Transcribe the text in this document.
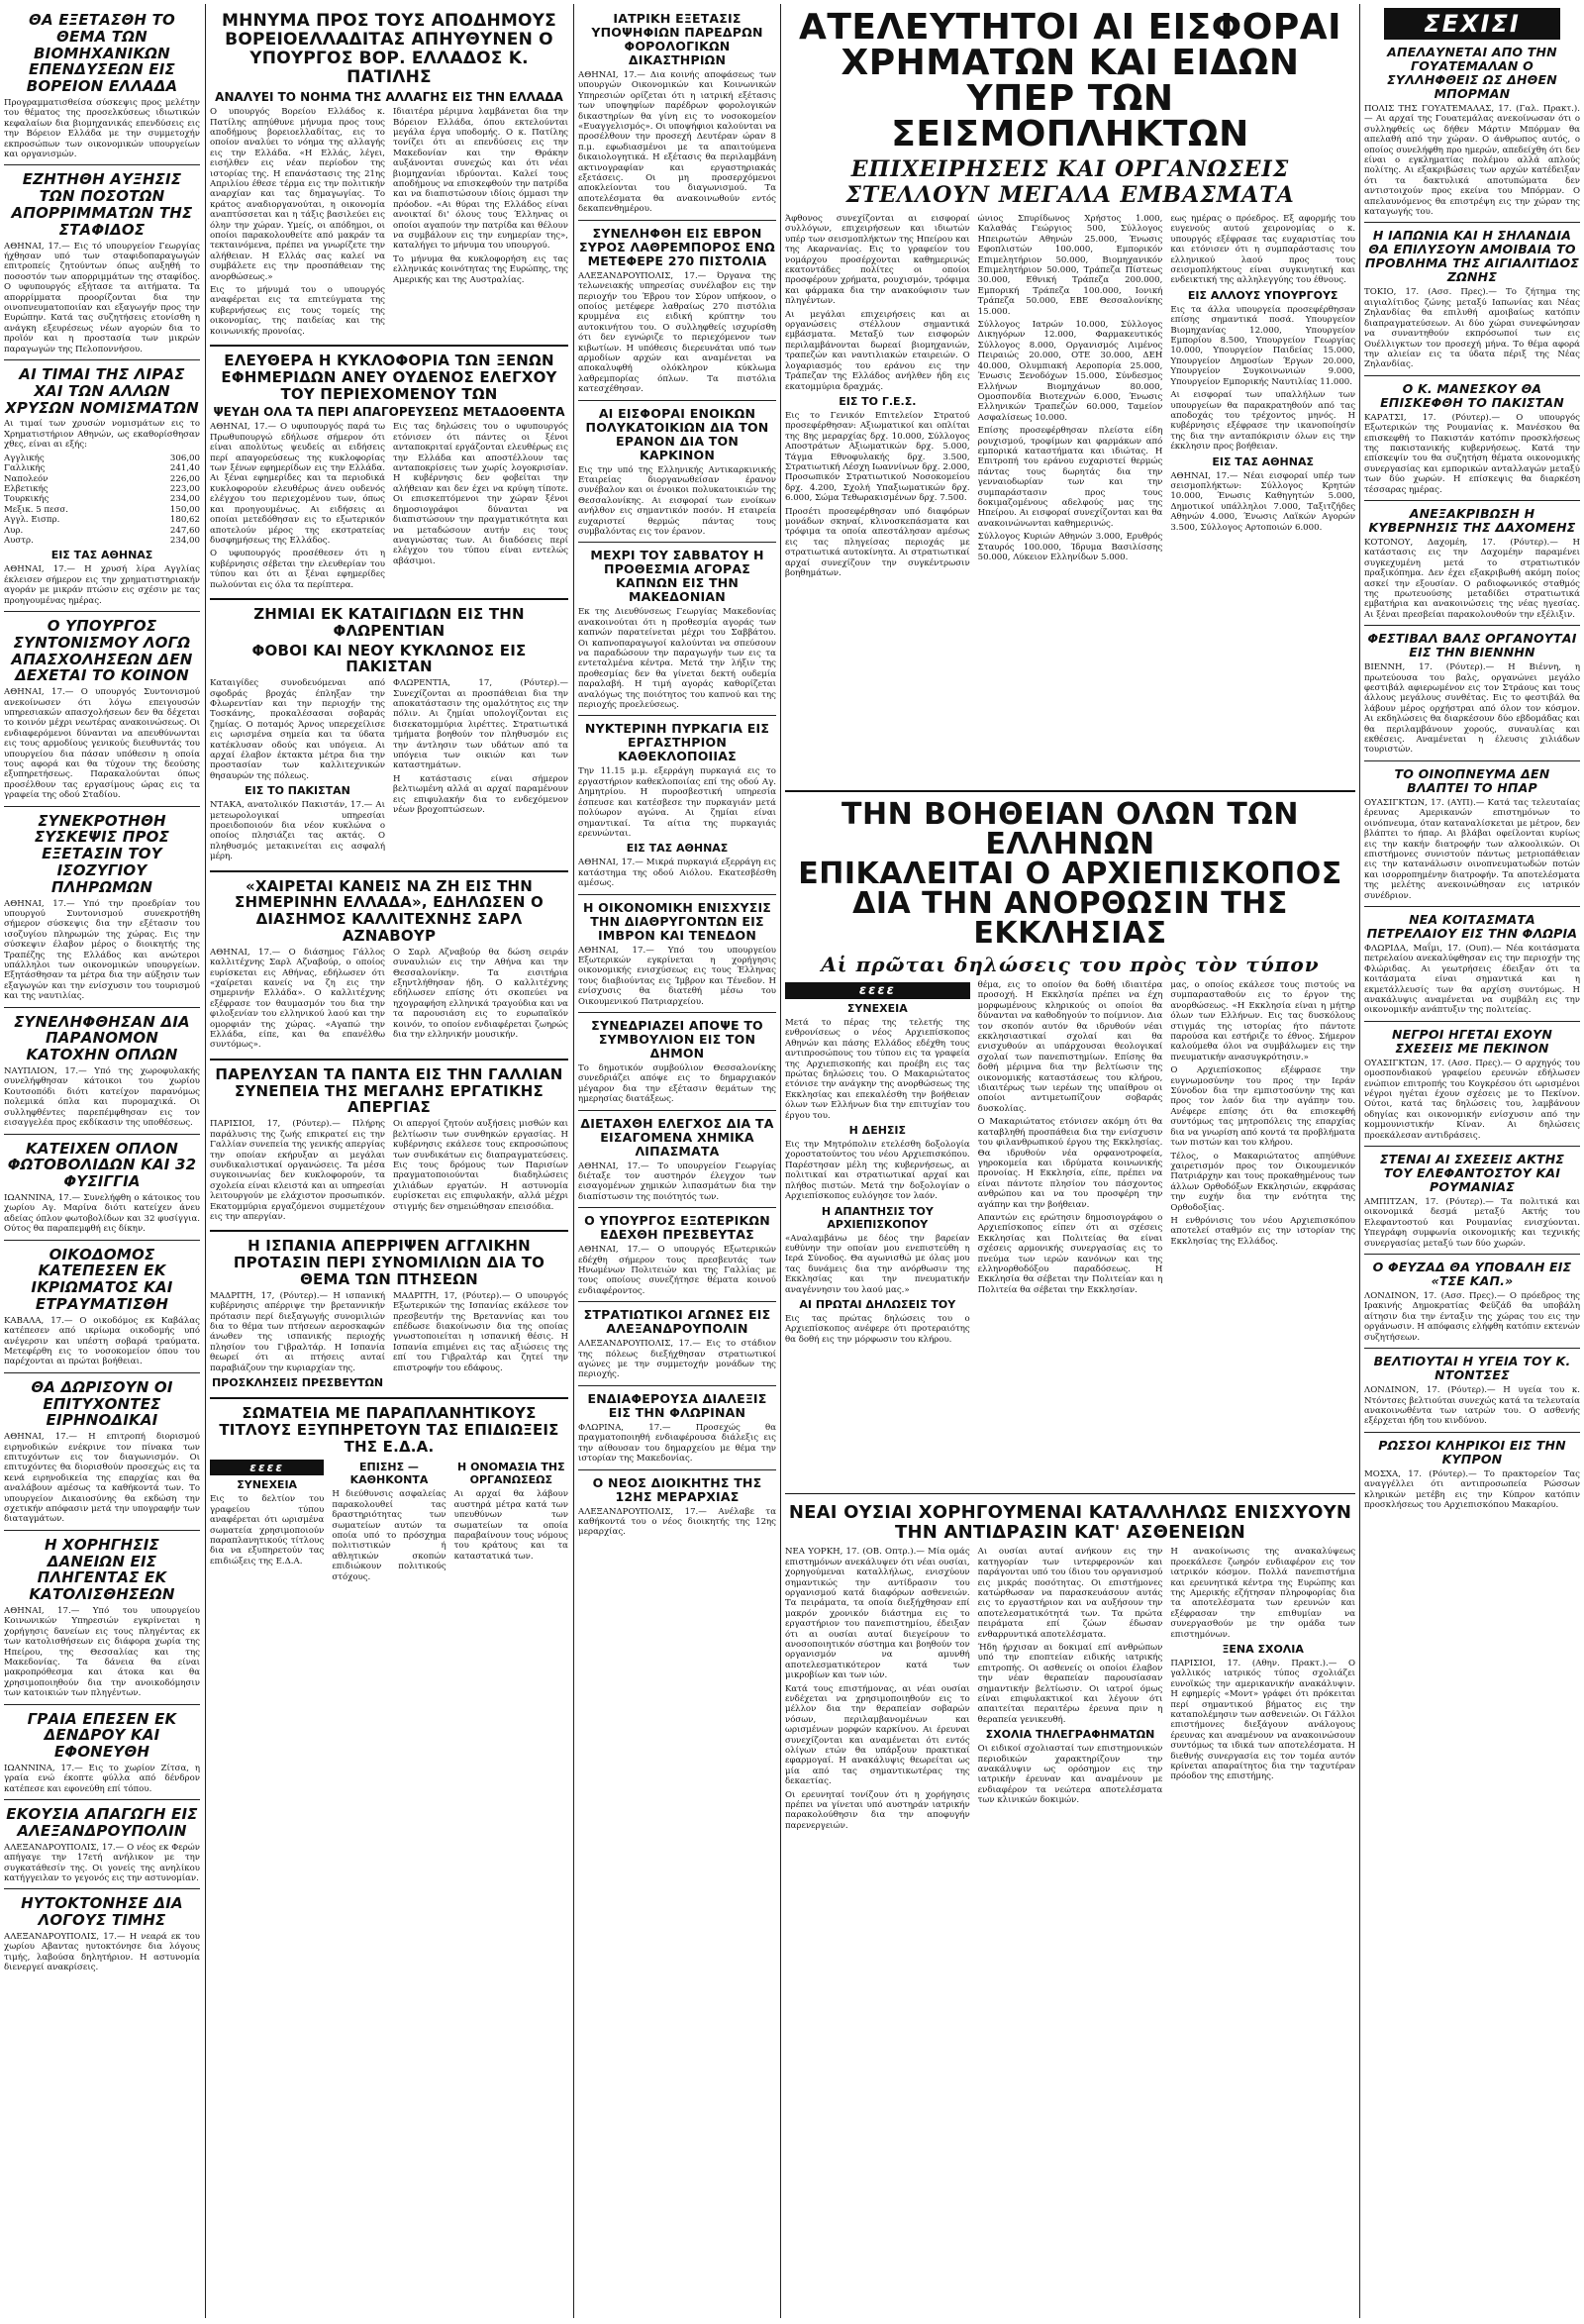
ΘΑ ΕΞΕΤΑΣΘΗ ΤΟ ΘΕΜΑ ΤΩΝ ΒΙΟΜΗΧΑΝΙΚΩΝ ΕΠΕΝΔΥΣΕΩΝ ΕΙΣ ΒΟΡΕΙΟΝ ΕΛΛΑΔΑ

Προγραμματισθείσα σύσκεψις προς μελέτην του θέματος της προσελκύσεως ιδιωτικών κεφαλαίων δια βιομηχανικάς επενδύσεις εις την Βόρειον Ελλάδα με την συμμετοχήν εκπροσώπων των οικονομικών υπουργείων και οργανισμών.

ΕΖΗΤΗΘΗ ΑΥΞΗΣΙΣ ΤΩΝ ΠΟΣΟΤΩΝ ΑΠΟΡΡΙΜΜΑΤΩΝ ΤΗΣ ΣΤΑΦΙΔΟΣ

ΑΘΗΝΑΙ, 17.— Εις τό υπουργείον Γεωργίας ήχθησαν υπό των σταφιδοπαραγωγών επιτροπείς ζητούντων όπως αυξηθή το ποσοστόν των απορριμμάτων της σταφίδος. Ο υφυπουργός εξήτασε τα αιτήματα. Τα απορρίμματα προορίζονται δια την οινοπνευματοποιίαν και εξαγωγήν προς την Ευρώπην. Κατά τας συζητήσεις ετονίσθη η ανάγκη εξευρέσεως νέων αγορών δια το προϊόν και η προστασία των μικρών παραγωγών της Πελοποννήσου.

ΑΙ ΤΙΜΑΙ ΤΗΣ ΛΙΡΑΣ ΧΑΙ ΤΩΝ ΑΛΛΩΝ ΧΡΥΣΩΝ ΝΟΜΙΣΜΑΤΩΝ

Αι τιμαί των χρυσών νομισμάτων εις το Χρηματιστήριον Αθηνών, ως εκαθορίσθησαν χθες, είναι αι εξής:

Αγγλικής	306,00
Γαλλικής	241,40
Ναπολεόν	226,00
Ελβετικής	223,00
Τουρκικής	234,00
Μεξικ. 5 πεσσ.	150,00
Αγγλ. Εισπρ.	180,62
Λυρ.	247,60
Αυστρ.	234,00
ΕΙΣ ΤΑΣ ΑΘΗΝΑΣ

ΑΘΗΝΑΙ, 17.— Η χρυσή λίρα Αγγλίας έκλεισεν σήμερον εις την χρηματιστηριακήν αγοράν με μικράν πτώσιν εις σχέσιν με τας προηγουμένας ημέρας.

Ο ΥΠΟΥΡΓΟΣ ΣΥΝΤΟΝΙΣΜΟΥ ΛΟΓΩ ΑΠΑΣΧΟΛΗΣΕΩΝ ΔΕΝ ΔΕΧΕΤΑΙ ΤΟ ΚΟΙΝΟΝ

ΑΘΗΝΑΙ, 17.— Ο υπουργός Συντονισμού ανεκοίνωσεν ότι λόγω επειγουσών υπηρεσιακών απασχολήσεων δεν θα δέχεται το κοινόν μέχρι νεωτέρας ανακοινώσεως. Οι ενδιαφερόμενοι δύνανται να απευθύνωνται εις τους αρμοδίους γενικούς διευθυντάς του υπουργείου δια πάσαν υπόθεσιν η οποία τους αφορά και θα τύχουν της δεούσης εξυπηρετήσεως. Παρακαλούνται όπως προσέλθουν τας εργασίμους ώρας εις τα γραφεία της οδού Σταδίου.

ΣΥΝΕΚΡΟΤΗΘΗ ΣΥΣΚΕΨΙΣ ΠΡΟΣ ΕΞΕΤΑΣΙΝ ΤΟΥ ΙΣΟΖΥΓΙΟΥ ΠΛΗΡΩΜΩΝ

ΑΘΗΝΑΙ, 17.— Υπό την προεδρίαν του υπουργού Συντονισμού συνεκροτήθη σήμερον σύσκεψις δια την εξέτασιν του ισοζυγίου πληρωμών της χώρας. Εις την σύσκεψιν έλαβον μέρος ο διοικητής της Τραπέζης της Ελλάδος και ανώτεροι υπάλληλοι των οικονομικών υπουργείων. Εξητάσθησαν τα μέτρα δια την αύξησιν των εξαγωγών και την ενίσχυσιν του τουρισμού και της ναυτιλίας.

ΣΥΝΕΛΗΦΘΗΣΑΝ ΔΙΑ ΠΑΡΑΝΟΜΟΝ ΚΑΤΟΧΗΝ ΟΠΛΩΝ

ΝΑΥΠΛΙΟΝ, 17.— Υπό της χωροφυλακής συνελήφθησαν κάτοικοι του χωρίου Κουτσοπόδι διότι κατείχον παρανόμως πολεμικά όπλα και πυρομαχικά. Οι συλληφθέντες παρεπέμφθησαν εις τον εισαγγελέα προς εκδίκασιν της υποθέσεως.

ΚΑΤΕΙΧΕΝ ΟΠΛΟΝ ΦΩΤΟΒΟΛΙΔΩΝ ΚΑΙ 32 ΦΥΣΙΓΓΙΑ

ΙΩΑΝΝΙΝΑ, 17.— Συνελήφθη ο κάτοικος του χωρίου Αγ. Μαρίνα διότι κατείχεν άνευ αδείας όπλον φωτοβολίδων και 32 φυσίγγια. Ούτος θα παραπεμφθή εις δίκην.

ΟΙΚΟΔΟΜΟΣ ΚΑΤΕΠΕΣΕΝ ΕΚ ΙΚΡΙΩΜΑΤΟΣ ΚΑΙ ΕΤΡΑΥΜΑΤΙΣΘΗ

ΚΑΒΑΛΑ, 17.— Ο οικοδόμος εκ Καβάλας κατέπεσεν από ικρίωμα οικοδομής υπό ανέγερσιν και υπέστη σοβαρά τραύματα. Μετεφέρθη εις το νοσοκομείον όπου του παρέχονται αι πρώται βοήθειαι.

ΘΑ ΔΩΡΙΣΟΥΝ ΟΙ ΕΠΙΤΥΧΟΝΤΕΣ ΕΙΡΗΝΟΔΙΚΑΙ

ΑΘΗΝΑΙ, 17.— Η επιτροπή διορισμού ειρηνοδικών ενέκρινε τον πίνακα των επιτυχόντων εις τον διαγωνισμόν. Οι επιτυχόντες θα διορισθούν προσεχώς εις τα κενά ειρηνοδικεία της επαρχίας και θα αναλάβουν αμέσως τα καθήκοντά των. Το υπουργείον Δικαιοσύνης θα εκδώση την σχετικήν απόφασιν μετά την υπογραφήν των διαταγμάτων.

Η ΧΟΡΗΓΗΣΙΣ ΔΑΝΕΙΩΝ ΕΙΣ ΠΛΗΓΕΝΤΑΣ ΕΚ ΚΑΤΟΛΙΣΘΗΣΕΩΝ

ΑΘΗΝΑΙ, 17.— Υπό του υπουργείου Κοινωνικών Υπηρεσιών εγκρίνεται η χορήγησις δανείων εις τους πληγέντας εκ των κατολισθήσεων εις διάφορα χωρία της Ηπείρου, της Θεσσαλίας και της Μακεδονίας. Τα δάνεια θα είναι μακροπρόθεσμα και άτοκα και θα χρησιμοποιηθούν δια την ανοικοδόμησιν των κατοικιών των πληγέντων.

ΓΡΑΙΑ ΕΠΕΣΕΝ ΕΚ ΔΕΝΔΡΟΥ ΚΑΙ ΕΦΟΝΕΥΘΗ

ΙΩΑΝΝΙΝΑ, 17.— Εις το χωρίον Ζίτσα, η γραία ενώ έκοπτε φύλλα από δένδρον κατέπεσε και εφονεύθη επί τόπου.

ΕΚΟΥΣΙΑ ΑΠΑΓΩΓΗ ΕΙΣ ΑΛΕΞΑΝΔΡΟΥΠΟΛΙΝ

ΑΛΕΞΑΝΔΡΟΥΠΟΛΙΣ, 17.— Ο νέος εκ Φερών απήγαγε την 17ετή ανήλικον με την συγκατάθεσίν της. Οι γονείς της ανηλίκου κατήγγειλαν το γεγονός εις την αστυνομίαν.

ΗΥΤΟΚΤΟΝΗΣΕ ΔΙΑ ΛΟΓΟΥΣ ΤΙΜΗΣ

ΑΛΕΞΑΝΔΡΟΥΠΟΛΙΣ, 17.— Η νεαρά εκ του χωρίου Αβαντας ηυτοκτόνησε δια λόγους τιμής, λαβούσα δηλητήριον. Η αστυνομία διενεργεί ανακρίσεις.

ΜΗΝΥΜΑ ΠΡΟΣ ΤΟΥΣ ΑΠΟΔΗΜΟΥΣ ΒΟΡΕΙΟΕΛΛΑΔΙΤΑΣ ΑΠΗΥΘΥΝΕΝ Ο ΥΠΟΥΡΓΟΣ ΒΟΡ. ΕΛΛΑΔΟΣ Κ. ΠΑΤΙΛΗΣ
ΑΝΑΛΥΕΙ ΤΟ ΝΟΗΜΑ ΤΗΣ ΑΛΛΑΓΗΣ ΕΙΣ ΤΗΝ ΕΛΛΑΔΑ

Ο υπουργός Βορείου Ελλάδος κ. Πατίλης απηύθυνε μήνυμα προς τους αποδήμους βορειοελλαδίτας, εις το οποίον αναλύει το νόημα της αλλαγής εις την Ελλάδα. «Η Ελλάς, λέγει, εισήλθεν εις νέαν περίοδον της ιστορίας της. Η επανάστασις της 21ης Απριλίου έθεσε τέρμα εις την πολιτικήν αναρχίαν και τας δημαγωγίας. Το κράτος αναδιοργανούται, η οικονομία αναπτύσσεται και η τάξις βασιλεύει εις όλην την χώραν. Υμείς, οι απόδημοι, οι οποίοι παρακολουθείτε από μακράν τα τεκταινόμενα, πρέπει να γνωρίζετε την αλήθειαν. Η Ελλάς σας καλεί να συμβάλετε εις την προσπάθειαν της ανορθώσεως.»

Εις το μήνυμά του ο υπουργός αναφέρεται εις τα επιτεύγματα της κυβερνήσεως εις τους τομείς της οικονομίας, της παιδείας και της κοινωνικής προνοίας.

Ιδιαιτέρα μέριμνα λαμβάνεται δια την Βόρειον Ελλάδα, όπου εκτελούνται μεγάλα έργα υποδομής. Ο κ. Πατίλης τονίζει ότι αι επενδύσεις εις την Μακεδονίαν και την Θράκην αυξάνονται συνεχώς και ότι νέαι βιομηχανίαι ιδρύονται. Καλεί τους αποδήμους να επισκεφθούν την πατρίδα και να διαπιστώσουν ιδίοις όμμασι την πρόοδον. «Αι θύραι της Ελλάδος είναι ανοικταί δι' όλους τους Έλληνας οι οποίοι αγαπούν την πατρίδα και θέλουν να συμβάλουν εις την ευημερίαν της», καταλήγει το μήνυμα του υπουργού.

Το μήνυμα θα κυκλοφορήση εις τας ελληνικάς κοινότητας της Ευρώπης, της Αμερικής και της Αυστραλίας.

ΕΛΕΥΘΕΡΑ Η ΚΥΚΛΟΦΟΡΙΑ ΤΩΝ ΞΕΝΩΝ ΕΦΗΜΕΡΙΔΩΝ ΑΝΕΥ ΟΥΔΕΝΟΣ ΕΛΕΓΧΟΥ ΤΟΥ ΠΕΡΙΕΧΟΜΕΝΟΥ ΤΩΝ
ΨΕΥΔΗ ΟΛΑ ΤΑ ΠΕΡΙ ΑΠΑΓΟΡΕΥΣΕΩΣ ΜΕΤΑΔΟΘΕΝΤΑ

ΑΘΗΝΑΙ, 17.— Ο υφυπουργός παρά τω Πρωθυπουργώ εδήλωσε σήμερον ότι είναι απολύτως ψευδείς αι ειδήσεις περί απαγορεύσεως της κυκλοφορίας των ξένων εφημερίδων εις την Ελλάδα. Αι ξέναι εφημερίδες και τα περιοδικά κυκλοφορούν ελευθέρως άνευ ουδενός ελέγχου του περιεχομένου των, όπως και προηγουμένως. Αι ειδήσεις αι οποίαι μετεδόθησαν εις το εξωτερικόν αποτελούν μέρος της εκστρατείας δυσφημήσεως της Ελλάδος.

Ο υφυπουργός προσέθεσεν ότι η κυβέρνησις σέβεται την ελευθερίαν του τύπου και ότι αι ξέναι εφημερίδες πωλούνται εις όλα τα περίπτερα.

Εις τας δηλώσεις του ο υφυπουργός ετόνισεν ότι πάντες οι ξένοι ανταποκριταί εργάζονται ελευθέρως εις την Ελλάδα και αποστέλλουν τας ανταποκρίσεις των χωρίς λογοκρισίαν. Η κυβέρνησις δεν φοβείται την αλήθειαν και δεν έχει να κρύψη τίποτε. Οι επισκεπτόμενοι την χώραν ξένοι δημοσιογράφοι δύνανται να διαπιστώσουν την πραγματικότητα και να μεταδώσουν αυτήν εις τους αναγνώστας των. Αι διαδόσεις περί ελέγχου του τύπου είναι εντελώς αβάσιμοι.

ΖΗΜΙΑΙ ΕΚ ΚΑΤΑΙΓΙΔΩΝ ΕΙΣ ΤΗΝ ΦΛΩΡΕΝΤΙΑΝ
ΦΟΒΟΙ ΚΑΙ ΝΕΟΥ ΚΥΚΛΩΝΟΣ ΕΙΣ ΠΑΚΙΣΤΑΝ

Καταιγίδες συνοδευόμεναι από σφοδράς βροχάς έπληξαν την Φλωρεντίαν και την περιοχήν της Τοσκάνης, προκαλέσασαι σοβαράς ζημίας. Ο ποταμός Άρνος υπερεχείλισε εις ωρισμένα σημεία και τα ύδατα κατέκλυσαν οδούς και υπόγεια. Αι αρχαί έλαβον έκτακτα μέτρα δια την προστασίαν των καλλιτεχνικών θησαυρών της πόλεως.

ΕΙΣ ΤΟ ΠΑΚΙΣΤΑΝ

ΝΤΑΚΑ, ανατολικόν Πακιστάν, 17.— Αι μετεωρολογικαί υπηρεσίαι προειδοποιούν δια νέον κυκλώνα ο οποίος πλησιάζει τας ακτάς. Ο πληθυσμός μετακινείται εις ασφαλή μέρη.

ΦΛΩΡΕΝΤΙΑ, 17, (Ρόυτερ).— Συνεχίζονται αι προσπάθειαι δια την αποκατάστασιν της ομαλότητος εις την πόλιν. Αι ζημίαι υπολογίζονται εις δισεκατομμύρια λιρέττες. Στρατιωτικά τμήματα βοηθούν τον πληθυσμόν εις την άντλησιν των υδάτων από τα υπόγεια των οικιών και των καταστημάτων.

Η κατάστασις είναι σήμερον βελτιωμένη αλλά αι αρχαί παραμένουν εις επιφυλακήν δια το ενδεχόμενον νέων βροχοπτώσεων.

«ΧΑΙΡΕΤΑΙ ΚΑΝΕΙΣ ΝΑ ΖΗ ΕΙΣ ΤΗΝ ΣΗΜΕΡΙΝΗΝ ΕΛΛΑΔΑ», ΕΔΗΛΩΣΕΝ Ο ΔΙΑΣΗΜΟΣ ΚΑΛΛΙΤΕΧΝΗΣ ΣΑΡΛ ΑΖΝΑΒΟΥΡ

ΑΘΗΝΑΙ, 17.— Ο διάσημος Γάλλος καλλιτέχνης Σαρλ Αζναβούρ, ο οποίος ευρίσκεται εις Αθήνας, εδήλωσεν ότι «χαίρεται κανείς να ζη εις την σημερινήν Ελλάδα». Ο καλλιτέχνης εξέφρασε τον θαυμασμόν του δια την φιλοξενίαν του ελληνικού λαού και την ομορφιάν της χώρας. «Αγαπώ την Ελλάδα, είπε, και θα επανέλθω συντόμως».

Ο Σαρλ Αζναβούρ θα δώση σειράν συναυλιών εις την Αθήνα και την Θεσσαλονίκην. Τα εισιτήρια εξηντλήθησαν ήδη. Ο καλλιτέχνης εδήλωσεν επίσης ότι σκοπεύει να ηχογραφήση ελληνικά τραγούδια και να τα παρουσιάση εις το ευρωπαϊκόν κοινόν, το οποίον ενδιαφέρεται ζωηρώς δια την ελληνικήν μουσικήν.

ΠΑΡΕΛΥΣΑΝ ΤΑ ΠΑΝΤΑ ΕΙΣ ΤΗΝ ΓΑΛΛΙΑΝ ΣΥΝΕΠΕΙΑ ΤΗΣ ΜΕΓΑΛΗΣ ΕΡΓΑΤΙΚΗΣ ΑΠΕΡΓΙΑΣ

ΠΑΡΙΣΙΟΙ, 17, (Ρόυτερ).— Πλήρης παράλυσις της ζωής επικρατεί εις την Γαλλίαν συνεπεία της γενικής απεργίας την οποίαν εκήρυξαν αι μεγάλαι συνδικαλιστικαί οργανώσεις. Τα μέσα συγκοινωνίας δεν κυκλοφορούν, τα σχολεία είναι κλειστά και αι υπηρεσίαι λειτουργούν με ελάχιστον προσωπικόν. Εκατομμύρια εργαζόμενοι συμμετέχουν εις την απεργίαν.

Οι απεργοί ζητούν αυξήσεις μισθών και βελτίωσιν των συνθηκών εργασίας. Η κυβέρνησις εκάλεσε τους εκπροσώπους των συνδικάτων εις διαπραγματεύσεις. Εις τους δρόμους των Παρισίων πραγματοποιούνται διαδηλώσεις χιλιάδων εργατών. Η αστυνομία ευρίσκεται εις επιφυλακήν, αλλά μέχρι στιγμής δεν σημειώθησαν επεισόδια.

Η ΙΣΠΑΝΙΑ ΑΠΕΡΡΙΨΕΝ ΑΓΓΛΙΚΗΝ ΠΡΟΤΑΣΙΝ ΠΕΡΙ ΣΥΝΟΜΙΛΙΩΝ ΔΙΑ ΤΟ ΘΕΜΑ ΤΩΝ ΠΤΗΣΕΩΝ

ΜΑΔΡΙΤΗ, 17, (Ρόυτερ).— Η ισπανική κυβέρνησις απέρριψε την βρεταννικήν πρότασιν περί διεξαγωγής συνομιλιών δια το θέμα των πτήσεων αεροσκαφών άνωθεν της ισπανικής περιοχής πλησίον του Γιβραλτάρ. Η Ισπανία θεωρεί ότι αι πτήσεις αυταί παραβιάζουν την κυριαρχίαν της.

ΠΡΟΣΚΛΗΣΕΙΣ ΠΡΕΣΒΕΥΤΩΝ

ΜΑΔΡΙΤΗ, 17, (Ρόυτερ).— Ο υπουργός Εξωτερικών της Ισπανίας εκάλεσε τον πρεσβευτήν της Βρεταννίας και του επέδωσε διακοίνωσιν δια της οποίας γνωστοποιείται η ισπανική θέσις. Η Ισπανία επιμένει εις τας αξιώσεις της επί του Γιβραλτάρ και ζητεί την επιστροφήν του εδάφους.

ΣΩΜΑΤΕΙΑ ΜΕ ΠΑΡΑΠΛΑΝΗΤΙΚΟΥΣ ΤΙΤΛΟΥΣ ΕΞΥΠΗΡΕΤΟΥΝ ΤΑΣ ΕΠΙΔΙΩΞΕΙΣ ΤΗΣ Ε.Δ.Α.
εεεε
ΣΥΝΕΧΕΙΑ

Εις το δελτίον του γραφείου τύπου αναφέρεται ότι ωρισμένα σωματεία χρησιμοποιούν παραπλανητικούς τίτλους δια να εξυπηρετούν τας επιδιώξεις της Ε.Δ.Α.

ΕΠΙΣΗΣ — ΚΑΘΗΚΟΝΤΑ

Η διεύθυνσις ασφαλείας παρακολουθεί τας δραστηριότητας των σωματείων αυτών τα οποία υπό το πρόσχημα πολιτιστικών ή αθλητικών σκοπών επιδιώκουν πολιτικούς στόχους.

Η ΟΝΟΜΑΣΙΑ ΤΗΣ ΟΡΓΑΝΩΣΕΩΣ

Αι αρχαί θα λάβουν αυστηρά μέτρα κατά των υπευθύνων των σωματείων τα οποία παραβαίνουν τους νόμους του κράτους και τα καταστατικά των.

ΙΑΤΡΙΚΗ ΕΞΕΤΑΣΙΣ ΥΠΟΨΗΦΙΩΝ ΠΑΡΕΔΡΩΝ ΦΟΡΟΛΟΓΙΚΩΝ ΔΙΚΑΣΤΗΡΙΩΝ

ΑΘΗΝΑΙ, 17.— Δια κοινής αποφάσεως των υπουργών Οικονομικών και Κοινωνικών Υπηρεσιών ορίζεται ότι η ιατρική εξέτασις των υποψηφίων παρέδρων φορολογικών δικαστηρίων θα γίνη εις το νοσοκομείον «Ευαγγελισμός». Οι υποψήφιοι καλούνται να προσέλθουν την προσεχή Δευτέραν ώραν 8 π.μ. εφωδιασμένοι με τα απαιτούμενα δικαιολογητικά. Η εξέτασις θα περιλαμβάνη ακτινογραφίαν και εργαστηριακάς εξετάσεις. Οι μη προσερχόμενοι αποκλείονται του διαγωνισμού. Τα αποτελέσματα θα ανακοινωθούν εντός δεκαπενθημέρου.

ΣΥΝΕΛΗΦΘΗ ΕΙΣ ΕΒΡΟΝ ΣΥΡΟΣ ΛΑΘΡΕΜΠΟΡΟΣ ΕΝΩ ΜΕΤΕΦΕΡΕ 270 ΠΙΣΤΟΛΙΑ

ΑΛΕΞΑΝΔΡΟΥΠΟΛΙΣ, 17.— Όργανα της τελωνειακής υπηρεσίας συνέλαβον εις την περιοχήν του Έβρου τον Σύρον υπήκοον, ο οποίος μετέφερε λαθραίως 270 πιστόλια κρυμμένα εις ειδική κρύπτην του αυτοκινήτου του. Ο συλληφθείς ισχυρίσθη ότι δεν εγνώριζε το περιεχόμενον των κιβωτίων. Η υπόθεσις διερευνάται υπό των αρμοδίων αρχών και αναμένεται να αποκαλυφθή ολόκληρον κύκλωμα λαθρεμπορίας όπλων. Τα πιστόλια κατεσχέθησαν.

ΑΙ ΕΙΣΦΟΡΑΙ ΕΝΟΙΚΩΝ ΠΟΛΥΚΑΤΟΙΚΙΩΝ ΔΙΑ ΤΟΝ ΕΡΑΝΟΝ ΔΙΑ ΤΟΝ ΚΑΡΚΙΝΟΝ

Εις την υπό της Ελληνικής Αντικαρκινικής Εταιρείας διοργανωθείσαν έρανον συνέβαλον και οι ένοικοι πολυκατοικιών της Θεσσαλονίκης. Αι εισφοραί των ενοίκων ανήλθον εις σημαντικόν ποσόν. Η εταιρεία ευχαριστεί θερμώς πάντας τους συμβαλόντας εις τον έρανον.

ΜΕΧΡΙ ΤΟΥ ΣΑΒΒΑΤΟΥ Η ΠΡΟΘΕΣΜΙΑ ΑΓΟΡΑΣ ΚΑΠΝΩΝ ΕΙΣ ΤΗΝ ΜΑΚΕΔΟΝΙΑΝ

Εκ της Διευθύνσεως Γεωργίας Μακεδονίας ανακοινούται ότι η προθεσμία αγοράς των καπνών παρατείνεται μέχρι του Σαββάτου. Οι καπνοπαραγωγοί καλούνται να σπεύσουν να παραδώσουν την παραγωγήν των εις τα εντεταλμένα κέντρα. Μετά την λήξιν της προθεσμίας δεν θα γίνεται δεκτή ουδεμία παραλαβή. Η τιμή αγοράς καθορίζεται αναλόγως της ποιότητος του καπνού και της περιοχής προελεύσεως.

ΝΥΚΤΕΡΙΝΗ ΠΥΡΚΑΓΙΑ ΕΙΣ ΕΡΓΑΣΤΗΡΙΟΝ ΚΑΘΕΚΛΟΠΟΙΙΑΣ

Την 11.15 μ.μ. εξερράγη πυρκαγιά εις το εργαστήριον καθεκλοποιίας επί της οδού Αγ. Δημητρίου. Η πυροσβεστική υπηρεσία έσπευσε και κατέσβεσε την πυρκαγιάν μετά πολύωρον αγώνα. Αι ζημίαι είναι σημαντικαί. Τα αίτια της πυρκαγιάς ερευνώνται.

ΕΙΣ ΤΑΣ ΑΘΗΝΑΣ

ΑΘΗΝΑΙ, 17.— Μικρά πυρκαγιά εξερράγη εις κατάστημα της οδού Αιόλου. Εκατεσβέσθη αμέσως.

Η ΟΙΚΟΝΟΜΙΚΗ ΕΝΙΣΧΥΣΙΣ ΤΗΝ ΔΙΑΘΡΥΓΟΝΤΩΝ ΕΙΣ ΙΜΒΡΟΝ ΚΑΙ ΤΕΝΕΔΟΝ

ΑΘΗΝΑΙ, 17.— Υπό του υπουργείου Εξωτερικών εγκρίνεται η χορήγησις οικονομικής ενισχύσεως εις τους Έλληνας τους διαβιούντας εις Ίμβρον και Τένεδον. Η ενίσχυσις θα διατεθή μέσω του Οικουμενικού Πατριαρχείου.

ΣΥΝΕΔΡΙΑΖΕΙ ΑΠΟΨΕ ΤΟ ΣΥΜΒΟΥΛΙΟΝ ΕΙΣ ΤΟΝ ΔΗΜΟΝ

Το δημοτικόν συμβούλιον Θεσσαλονίκης συνεδριάζει απόψε εις το δημαρχιακόν μέγαρον δια την εξέτασιν θεμάτων της ημερησίας διατάξεως.

ΔΙΕΤΑΧΘΗ ΕΛΕΓΧΟΣ ΔΙΑ ΤΑ ΕΙΣΑΓΟΜΕΝΑ ΧΗΜΙΚΑ ΛΙΠΑΣΜΑΤΑ

ΑΘΗΝΑΙ, 17.— Το υπουργείον Γεωργίας διέταξε τον αυστηρόν έλεγχον των εισαγομένων χημικών λιπασμάτων δια την διαπίστωσιν της ποιότητός των.

Ο ΥΠΟΥΡΓΟΣ ΕΞΩΤΕΡΙΚΩΝ ΕΔΕΧΘΗ ΠΡΕΣΒΕΥΤΑΣ

ΑΘΗΝΑΙ, 17.— Ο υπουργός Εξωτερικών εδέχθη σήμερον τους πρεσβευτάς των Ηνωμένων Πολιτειών και της Γαλλίας με τους οποίους συνεζήτησε θέματα κοινού ενδιαφέροντος.

ΣΤΡΑΤΙΩΤΙΚΟΙ ΑΓΩΝΕΣ ΕΙΣ ΑΛΕΞΑΝΔΡΟΥΠΟΛΙΝ

ΑΛΕΞΑΝΔΡΟΥΠΟΛΙΣ, 17.— Εις το στάδιον της πόλεως διεξήχθησαν στρατιωτικοί αγώνες με την συμμετοχήν μονάδων της περιοχής.

ΕΝΔΙΑΦΕΡΟΥΣΑ ΔΙΑΛΕΞΙΣ ΕΙΣ ΤΗΝ ΦΛΩΡΙΝΑΝ

ΦΛΩΡΙΝΑ, 17.— Προσεχώς θα πραγματοποιηθή ενδιαφέρουσα διάλεξις εις την αίθουσαν του δημαρχείου με θέμα την ιστορίαν της Μακεδονίας.

Ο ΝΕΟΣ ΔΙΟΙΚΗΤΗΣ ΤΗΣ 12ΗΣ ΜΕΡΑΡΧΙΑΣ

ΑΛΕΞΑΝΔΡΟΥΠΟΛΙΣ, 17.— Ανέλαβε τα καθήκοντά του ο νέος διοικητής της 12ης μεραρχίας.

ΑΤΕΛΕΥΤΗΤΟΙ ΑΙ ΕΙΣΦΟΡΑΙ
ΧΡΗΜΑΤΩΝ ΚΑΙ ΕΙΔΩΝ
ΥΠΕΡ ΤΩΝ ΣΕΙΣΜΟΠΛΗΚΤΩΝ
ΕΠΙΧΕΙΡΗΣΕΙΣ ΚΑΙ ΟΡΓΑΝΩΣΕΙΣ
ΣΤΕΛΛΟΥΝ ΜΕΓΑΛΑ ΕΜΒΑΣΜΑΤΑ

Άφθονος συνεχίζονται αι εισφοραί συλλόγων, επιχειρήσεων και ιδιωτών υπέρ των σεισμοπλήκτων της Ηπείρου και της Ακαρνανίας. Εις το γραφείον του νομάρχου προσέρχονται καθημερινώς εκατοντάδες πολίτες οι οποίοι προσφέρουν χρήματα, ρουχισμόν, τρόφιμα και φάρμακα δια την ανακούφισιν των πληγέντων.

Αι μεγάλαι επιχειρήσεις και αι οργανώσεις στέλλουν σημαντικά εμβάσματα. Μεταξύ των εισφορών περιλαμβάνονται δωρεαί βιομηχανιών, τραπεζών και ναυτιλιακών εταιρειών. Ο λογαριασμός του εράνου εις την Τράπεζαν της Ελλάδος ανήλθεν ήδη εις εκατομμύρια δραχμάς.

ΕΙΣ ΤΟ Γ.Ε.Σ.

Εις το Γενικόν Επιτελείον Στρατού προσεφέρθησαν: Αξιωματικοί και οπλίται της 8ης μεραρχίας δρχ. 10.000, Σύλλογος Αποστράτων Αξιωματικών δρχ. 5.000, Τάγμα Εθνοφυλακής δρχ. 3.500, Στρατιωτική Λέσχη Ιωαννίνων δρχ. 2.000, Προσωπικόν Στρατιωτικού Νοσοκομείου δρχ. 4.200, Σχολή Υπαξιωματικών δρχ. 6.000, Σώμα Τεθωρακισμένων δρχ. 7.500.

Προσέτι προσεφέρθησαν υπό διαφόρων μονάδων σκηναί, κλινοσκεπάσματα και τρόφιμα τα οποία απεστάλησαν αμέσως εις τας πληγείσας περιοχάς με στρατιωτικά αυτοκίνητα. Αι στρατιωτικαί αρχαί συνεχίζουν την συγκέντρωσιν βοηθημάτων.

ώνιος Σπυρίδωνος Χρήστος 1.000, Καλαθάς Γεώργιος 500, Σύλλογος Ηπειρωτών Αθηνών 25.000, Ένωσις Εφοπλιστών 100.000, Εμπορικόν Επιμελητήριον 50.000, Βιομηχανικόν Επιμελητήριον 50.000, Τράπεζα Πίστεως 30.000, Εθνική Τράπεζα 200.000, Εμπορική Τράπεζα 100.000, Ιονική Τράπεζα 50.000, ΕΒΕ Θεσσαλονίκης 15.000.

Σύλλογος Ιατρών 10.000, Σύλλογος Δικηγόρων 12.000, Φαρμακευτικός Σύλλογος 8.000, Οργανισμός Λιμένος Πειραιώς 20.000, ΟΤΕ 30.000, ΔΕΗ 40.000, Ολυμπιακή Αεροπορία 25.000, Ένωσις Ξενοδόχων 15.000, Σύνδεσμος Ελλήνων Βιομηχάνων 80.000, Ομοσπονδία Βιοτεχνών 6.000, Ένωσις Ελληνικών Τραπεζών 60.000, Ταμείον Ασφαλίσεως 10.000.

Επίσης προσεφέρθησαν πλείστα είδη ρουχισμού, τροφίμων και φαρμάκων από εμπορικά καταστήματα και ιδιώτας. Η Επιτροπή του εράνου ευχαριστεί θερμώς πάντας τους δωρητάς δια την γενναιοδωρίαν των και την συμπαράστασιν προς τους δοκιμαζομένους αδελφούς μας της Ηπείρου. Αι εισφοραί συνεχίζονται και θα ανακοινώνωνται καθημερινώς.

Σύλλογος Κυριών Αθηνών 3.000, Ερυθρός Σταυρός 100.000, Ίδρυμα Βασιλίσσης 50.000, Λύκειον Ελληνίδων 5.000.

εως ημέρας ο πρόεδρος. Εξ αφορμής του ευγενούς αυτού χειρονομίας ο κ. υπουργός εξέφρασε τας ευχαριστίας του και ετόνισεν ότι η συμπαράστασις του ελληνικού λαού προς τους σεισμοπλήκτους είναι συγκινητική και ενδεικτική της αλληλεγγύης του έθνους.

ΕΙΣ ΑΛΛΟΥΣ ΥΠΟΥΡΓΟΥΣ

Εις τα άλλα υπουργεία προσεφέρθησαν επίσης σημαντικά ποσά. Υπουργείον Βιομηχανίας 12.000, Υπουργείον Εμπορίου 8.500, Υπουργείον Γεωργίας 10.000, Υπουργείον Παιδείας 15.000, Υπουργείον Δημοσίων Έργων 20.000, Υπουργείον Συγκοινωνιών 9.000, Υπουργείον Εμπορικής Ναυτιλίας 11.000.

Αι εισφοραί των υπαλλήλων των υπουργείων θα παρακρατηθούν από τας αποδοχάς του τρέχοντος μηνός. Η κυβέρνησις εξέφρασε την ικανοποίησίν της δια την ανταπόκρισιν όλων εις την έκκλησιν προς βοήθειαν.

ΕΙΣ ΤΑΣ ΑΘΗΝΑΣ

ΑΘΗΝΑΙ, 17.— Νέαι εισφοραί υπέρ των σεισμοπλήκτων: Σύλλογος Κρητών 10.000, Ένωσις Καθηγητών 5.000, Δημοτικοί υπάλληλοι 7.000, Ταξιτζήδες Αθηνών 4.000, Ένωσις Λαϊκών Αγορών 3.500, Σύλλογος Αρτοποιών 6.000.

ΤΗΝ ΒΟΗΘΕΙΑΝ ΟΛΩΝ ΤΩΝ ΕΛΛΗΝΩΝ
ΕΠΙΚΑΛΕΙΤΑΙ Ο ΑΡΧΙΕΠΙΣΚΟΠΟΣ
ΔΙΑ ΤΗΝ ΑΝΟΡΘΩΣΙΝ ΤΗΣ ΕΚΚΛΗΣΙΑΣ
Αἱ πρῶται δηλώσεις του πρὸς τὸν τύπον
εεεε
ΣΥΝΕΧΕΙΑ

Μετά το πέρας της τελετής της ενθρονίσεως ο νέος Αρχιεπίσκοπος Αθηνών και πάσης Ελλάδος εδέχθη τους αντιπροσώπους του τύπου εις τα γραφεία της Αρχιεπισκοπής και προέβη εις τας πρώτας δηλώσεις του. Ο Μακαριώτατος ετόνισε την ανάγκην της ανορθώσεως της Εκκλησίας και επεκαλέσθη την βοήθειαν όλων των Ελλήνων δια την επιτυχίαν του έργου του.

Η ΔΕΗΣΙΣ

Εις την Μητρόπολιν ετελέσθη δοξολογία χοροστατούντος του νέου Αρχιεπισκόπου. Παρέστησαν μέλη της κυβερνήσεως, αι πολιτικαί και στρατιωτικαί αρχαί και πλήθος πιστών. Μετά την δοξολογίαν ο Αρχιεπίσκοπος ευλόγησε τον λαόν.

Η ΑΠΑΝΤΗΣΙΣ ΤΟΥ ΑΡΧΙΕΠΙΣΚΟΠΟΥ

«Αναλαμβάνω με δέος την βαρείαν ευθύνην την οποίαν μου ενεπιστεύθη η Ιερά Σύνοδος. Θα αγωνισθώ με όλας μου τας δυνάμεις δια την ανόρθωσιν της Εκκλησίας και την πνευματικήν αναγέννησιν του λαού μας.»

ΑΙ ΠΡΩΤΑΙ ΔΗΛΩΣΕΙΣ ΤΟΥ

Εις τας πρώτας δηλώσεις του ο Αρχιεπίσκοπος ανέφερε ότι προτεραιότης θα δοθή εις την μόρφωσιν του κλήρου.

θέμα, εις το οποίον θα δοθή ιδιαιτέρα προσοχή. Η Εκκλησία πρέπει να έχη μορφωμένους κληρικούς οι οποίοι θα δύνανται να καθοδηγούν το ποίμνιον. Δια τον σκοπόν αυτόν θα ιδρυθούν νέαι εκκλησιαστικαί σχολαί και θα ενισχυθούν αι υπάρχουσαι θεολογικαί σχολαί των πανεπιστημίων. Επίσης θα δοθή μέριμνα δια την βελτίωσιν της οικονομικής καταστάσεως του κλήρου, ιδιαιτέρως των ιερέων της υπαίθρου οι οποίοι αντιμετωπίζουν σοβαράς δυσκολίας.

Ο Μακαριώτατος ετόνισεν ακόμη ότι θα καταβληθή προσπάθεια δια την ενίσχυσιν του φιλανθρωπικού έργου της Εκκλησίας. Θα ιδρυθούν νέα ορφανοτροφεία, γηροκομεία και ιδρύματα κοινωνικής προνοίας. Η Εκκλησία, είπε, πρέπει να είναι πάντοτε πλησίον του πάσχοντος ανθρώπου και να του προσφέρη την αγάπην και την βοήθειαν.

Απαντών εις ερώτησιν δημοσιογράφου ο Αρχιεπίσκοπος είπεν ότι αι σχέσεις Εκκλησίας και Πολιτείας θα είναι σχέσεις αρμονικής συνεργασίας εις το πνεύμα των ιερών κανόνων και της ελληνορθοδόξου παραδόσεως. Η Εκκλησία θα σέβεται την Πολιτείαν και η Πολιτεία θα σέβεται την Εκκλησίαν.

μας, ο οποίος εκάλεσε τους πιστούς να συμπαρασταθούν εις το έργον της ανορθώσεως. «Η Εκκλησία είναι η μήτηρ όλων των Ελλήνων. Εις τας δυσκόλους στιγμάς της ιστορίας ήτο πάντοτε παρούσα και εστήριζε το έθνος. Σήμερον καλούμεθα όλοι να συμβάλωμεν εις την πνευματικήν ανασυγκρότησιν.»

Ο Αρχιεπίσκοπος εξέφρασε την ευγνωμοσύνην του προς την Ιεράν Σύνοδον δια την εμπιστοσύνην της και προς τον λαόν δια την αγάπην του. Ανέφερε επίσης ότι θα επισκεφθή συντόμως τας μητροπόλεις της επαρχίας δια να γνωρίση από κοντά τα προβλήματα των πιστών και του κλήρου.

Τέλος, ο Μακαριώτατος απηύθυνε χαιρετισμόν προς τον Οικουμενικόν Πατριάρχην και τους προκαθημένους των άλλων Ορθοδόξων Εκκλησιών, εκφράσας την ευχήν δια την ενότητα της Ορθοδοξίας.

Η ενθρόνισις του νέου Αρχιεπισκόπου αποτελεί σταθμόν εις την ιστορίαν της Εκκλησίας της Ελλάδος.

ΝΕΑΙ ΟΥΣΙΑΙ ΧΟΡΗΓΟΥΜΕΝΑΙ ΚΑΤΑΛΛΗΛΩΣ ΕΝΙΣΧΥΟΥΝ ΤΗΝ ΑΝΤΙΔΡΑΣΙΝ ΚΑΤ' ΑΣΘΕΝΕΙΩΝ

ΝΕΑ ΥΟΡΚΗ, 17. (ΟΒ. Οπτρ.).— Μία ομάς επιστημόνων ανεκάλυψεν ότι νέαι ουσίαι, χορηγούμεναι καταλλήλως, ενισχύουν σημαντικώς την αντίδρασιν του οργανισμού κατά διαφόρων ασθενειών. Τα πειράματα, τα οποία διεξήχθησαν επί μακρόν χρονικόν διάστημα εις το εργαστήριον του πανεπιστημίου, έδειξαν ότι αι ουσίαι αυταί διεγείρουν το ανοσοποιητικόν σύστημα και βοηθούν τον οργανισμόν να αμυνθή αποτελεσματικότερον κατά των μικροβίων και των ιών.

Κατά τους επιστήμονας, αι νέαι ουσίαι ενδέχεται να χρησιμοποιηθούν εις το μέλλον δια την θεραπείαν σοβαρών νόσων, περιλαμβανομένων και ωρισμένων μορφών καρκίνου. Αι έρευναι συνεχίζονται και αναμένεται ότι εντός ολίγων ετών θα υπάρξουν πρακτικαί εφαρμογαί. Η ανακάλυψις θεωρείται ως μία από τας σημαντικωτέρας της δεκαετίας.

Οι ερευνηταί τονίζουν ότι η χορήγησις πρέπει να γίνεται υπό αυστηράν ιατρικήν παρακολούθησιν δια την αποφυγήν παρενεργειών.

Αι ουσίαι αυταί ανήκουν εις την κατηγορίαν των ιντερφερονών και παράγονται υπό του ίδιου του οργανισμού εις μικράς ποσότητας. Οι επιστήμονες κατώρθωσαν να παρασκευάσουν αυτάς εις το εργαστήριον και να αυξήσουν την αποτελεσματικότητά των. Τα πρώτα πειράματα επί ζώων έδωσαν ενθαρρυντικά αποτελέσματα.

Ήδη ήρχισαν αι δοκιμαί επί ανθρώπων υπό την εποπτείαν ειδικής ιατρικής επιτροπής. Οι ασθενείς οι οποίοι έλαβον την νέαν θεραπείαν παρουσίασαν σημαντικήν βελτίωσιν. Οι ιατροί όμως είναι επιφυλακτικοί και λέγουν ότι απαιτείται περαιτέρω έρευνα πριν η θεραπεία γενικευθή.

ΣΧΟΛΙΑ ΤΗΛΕΓΡΑΦΗΜΑΤΩΝ

Οι ειδικοί σχολιασταί των επιστημονικών περιοδικών χαρακτηρίζουν την ανακάλυψιν ως ορόσημον εις την ιατρικήν έρευναν και αναμένουν με ενδιαφέρον τα νεώτερα αποτελέσματα των κλινικών δοκιμών.

Η ανακοίνωσις της ανακαλύψεως προεκάλεσε ζωηρόν ενδιαφέρον εις τον ιατρικόν κόσμον. Πολλά πανεπιστήμια και ερευνητικά κέντρα της Ευρώπης και της Αμερικής εζήτησαν πληροφορίας δια τα αποτελέσματα των ερευνών και εξέφρασαν την επιθυμίαν να συνεργασθούν με την ομάδα των επιστημόνων.

ΞΕΝΑ ΣΧΟΛΙΑ

ΠΑΡΙΣΙΟΙ, 17. (Αθην. Πρακτ.).— Ο γαλλικός ιατρικός τύπος σχολιάζει ευνοϊκώς την αμερικανικήν ανακάλυψιν. Η εφημερίς «Μοντ» γράφει ότι πρόκειται περί σημαντικού βήματος εις την καταπολέμησιν των ασθενειών. Οι Γάλλοι επιστήμονες διεξάγουν ανάλογους έρευνας και αναμένουν να ανακοινώσουν συντόμως τα ιδικά των αποτελέσματα. Η διεθνής συνεργασία εις τον τομέα αυτόν κρίνεται απαραίτητος δια την ταχυτέραν πρόοδον της επιστήμης.

ΣΕΧΙΣΙ
ΑΠΕΛΑΥΝΕΤΑΙ ΑΠΟ ΤΗΝ ΓΟΥΑΤΕΜΑΛΑΝ Ο ΣΥΛΛΗΦΘΕΙΣ ΩΣ ΔΗΘΕΝ ΜΠΟΡΜΑΝ

ΠΟΛΙΣ ΤΗΣ ΓΟΥΑΤΕΜΑΛΑΣ, 17. (Γαλ. Πρακτ.).— Αι αρχαί της Γουατεμάλας ανεκοίνωσαν ότι ο συλληφθείς ως δήθεν Μάρτιν Μπόρμαν θα απελαθή από την χώραν. Ο άνθρωπος αυτός, ο οποίος συνελήφθη προ ημερών, απεδείχθη ότι δεν είναι ο εγκληματίας πολέμου αλλά απλούς πολίτης. Αι εξακριβώσεις των αρχών κατέδειξαν ότι τα δακτυλικά αποτυπώματα δεν αντιστοιχούν προς εκείνα του Μπόρμαν. Ο απελαυνόμενος θα επιστρέψη εις την χώραν της καταγωγής του.

Η ΙΑΠΩΝΙΑ ΚΑΙ Η ΣΗΛΑΝΔΙΑ ΘΑ ΕΠΙΛΥΣΟΥΝ ΑΜΟΙΒΑΙΑ ΤΟ ΠΡΟΒΛΗΜΑ ΤΗΣ ΑΙΓΙΑΛΙΤΙΔΟΣ ΖΩΝΗΣ

ΤΟΚΙΟ, 17. (Ασσ. Πρες).— Το ζήτημα της αιγιαλίτιδος ζώνης μεταξύ Ιαπωνίας και Νέας Ζηλανδίας θα επιλυθή αμοιβαίως κατόπιν διαπραγματεύσεων. Αι δύο χώραι συνεφώνησαν να συναντηθούν εκπρόσωποί των εις Ουέλλιγκτων τον προσεχή μήνα. Το θέμα αφορά την αλιείαν εις τα ύδατα πέριξ της Νέας Ζηλανδίας.

Ο Κ. ΜΑΝΕΣΚΟΥ ΘΑ ΕΠΙΣΚΕΦΘΗ ΤΟ ΠΑΚΙΣΤΑΝ

ΚΑΡΑΤΣΙ, 17. (Ρόυτερ).— Ο υπουργός Εξωτερικών της Ρουμανίας κ. Μανέσκου θα επισκεφθή το Πακιστάν κατόπιν προσκλήσεως της πακιστανικής κυβερνήσεως. Κατά την επίσκεψίν του θα συζητήση θέματα οικονομικής συνεργασίας και εμπορικών ανταλλαγών μεταξύ των δύο χωρών. Η επίσκεψις θα διαρκέση τέσσαρας ημέρας.

ΑΝΕΞΑΚΡΙΒΩΣΗ Η ΚΥΒΕΡΝΗΣΙΣ ΤΗΣ ΔΑΧΟΜΕΗΣ

ΚΟΤΟΝΟΥ, Δαχομέη, 17. (Ρόυτερ).— Η κατάστασις εις την Δαχομέην παραμένει συγκεχυμένη μετά το στρατιωτικόν πραξικόπημα. Δεν έχει εξακριβωθή ακόμη ποίος ασκεί την εξουσίαν. Ο ραδιοφωνικός σταθμός της πρωτευούσης μεταδίδει στρατιωτικά εμβατήρια και ανακοινώσεις της νέας ηγεσίας. Αι ξέναι πρεσβείαι παρακολουθούν την εξέλιξιν.

ΦΕΣΤΙΒΑΛ ΒΑΛΣ ΟΡΓΑΝΟΥΤΑΙ ΕΙΣ ΤΗΝ ΒΙΕΝΝΗΝ

ΒΙΕΝΝΗ, 17. (Ρόυτερ).— Η Βιέννη, η πρωτεύουσα του βαλς, οργανώνει μεγάλο φεστιβάλ αφιερωμένον εις τον Στράους και τους άλλους μεγάλους συνθέτας. Εις το φεστιβάλ θα λάβουν μέρος ορχήστραι από όλον τον κόσμον. Αι εκδηλώσεις θα διαρκέσουν δύο εβδομάδας και θα περιλαμβάνουν χορούς, συναυλίας και εκθέσεις. Αναμένεται η έλευσις χιλιάδων τουριστών.

ΤΟ ΟΙΝΟΠΝΕΥΜΑ ΔΕΝ ΒΛΑΠΤΕΙ ΤΟ ΗΠΑΡ

ΟΥΑΣΙΓΚΤΩΝ, 17. (ΑΥΠ).— Κατά τας τελευταίας έρευνας Αμερικανών επιστημόνων το οινόπνευμα, όταν καταναλίσκεται με μέτρον, δεν βλάπτει το ήπαρ. Αι βλάβαι οφείλονται κυρίως εις την κακήν διατροφήν των αλκοολικών. Οι επιστήμονες συνιστούν πάντως μετριοπάθειαν εις την κατανάλωσιν οινοπνευματωδών ποτών και ισορροπημένην διατροφήν. Τα αποτελέσματα της μελέτης ανεκοινώθησαν εις ιατρικόν συνέδριον.

ΝΕΑ ΚΟΙΤΑΣΜΑΤΑ ΠΕΤΡΕΛΑΙΟΥ ΕΙΣ ΤΗΝ ΦΛΩΡΙΑ

ΦΛΩΡΙΔΑ, Μαΐμι, 17. (Ουπ).— Νέα κοιτάσματα πετρελαίου ανεκαλύφθησαν εις την περιοχήν της Φλώριδας. Αι γεωτρήσεις έδειξαν ότι τα κοιτάσματα είναι σημαντικά και η εκμετάλλευσίς των θα αρχίση συντόμως. Η ανακάλυψις αναμένεται να συμβάλη εις την οικονομικήν ανάπτυξιν της πολιτείας.

ΝΕΓΡΟΙ ΗΓΕΤΑΙ ΕΧΟΥΝ ΣΧΕΣΕΙΣ ΜΕ ΠΕΚΙΝΟΝ

ΟΥΑΣΙΓΚΤΩΝ, 17. (Ασσ. Πρες).— Ο αρχηγός του ομοσπονδιακού γραφείου ερευνών εδήλωσεν ενώπιον επιτροπής του Κογκρέσου ότι ωρισμένοι νέγροι ηγέται έχουν σχέσεις με το Πεκίνον. Ούτοι, κατά τας δηλώσεις του, λαμβάνουν οδηγίας και οικονομικήν ενίσχυσιν από την κομμουνιστικήν Κίναν. Αι δηλώσεις προεκάλεσαν αντιδράσεις.

ΣΤΕΝΑΙ ΑΙ ΣΧΕΣΕΙΣ ΑΚΤΗΣ ΤΟΥ ΕΛΕΦΑΝΤΟΣΤΟΥ ΚΑΙ ΡΟΥΜΑΝΙΑΣ

ΑΜΠΙΤΖΑΝ, 17. (Ρόυτερ).— Τα πολιτικά και οικονομικά δεσμά μεταξύ Ακτής του Ελεφαντοστού και Ρουμανίας ενισχύονται. Υπεγράφη συμφωνία οικονομικής και τεχνικής συνεργασίας μεταξύ των δύο χωρών.

Ο ΦΕΥΖΑΔ ΘΑ ΥΠΟΒΑΛΗ ΕΙΣ «ΤΣΕ ΚΑΠ.»

ΛΟΝΔΙΝΟΝ, 17. (Ασσ. Πρες).— Ο πρόεδρος της Ιρακινής Δημοκρατίας Φεϋζάδ θα υποβάλη αίτησιν δια την ένταξιν της χώρας του εις την οργάνωσιν. Η απόφασις ελήφθη κατόπιν εκτενών συζητήσεων.

ΒΕΛΤΙΟΥΤΑΙ Η ΥΓΕΙΑ ΤΟΥ Κ. ΝΤΟΝΤΣΕΣ

ΛΟΝΔΙΝΟΝ, 17. (Ρόυτερ).— Η υγεία του κ. Ντόντσες βελτιούται συνεχώς κατά τα τελευταία ανακοινωθέντα των ιατρών του. Ο ασθενής εξέρχεται ήδη του κινδύνου.

ΡΩΣΣΟΙ ΚΛΗΡΙΚΟΙ ΕΙΣ ΤΗΝ ΚΥΠΡΟΝ

ΜΟΣΧΑ, 17. (Ρόυτερ).— Το πρακτορείον Τας αναγγέλλει ότι αντιπροσωπεία Ρώσσων κληρικών μετέβη εις την Κύπρον κατόπιν προσκλήσεως του Αρχιεπισκόπου Μακαρίου.
